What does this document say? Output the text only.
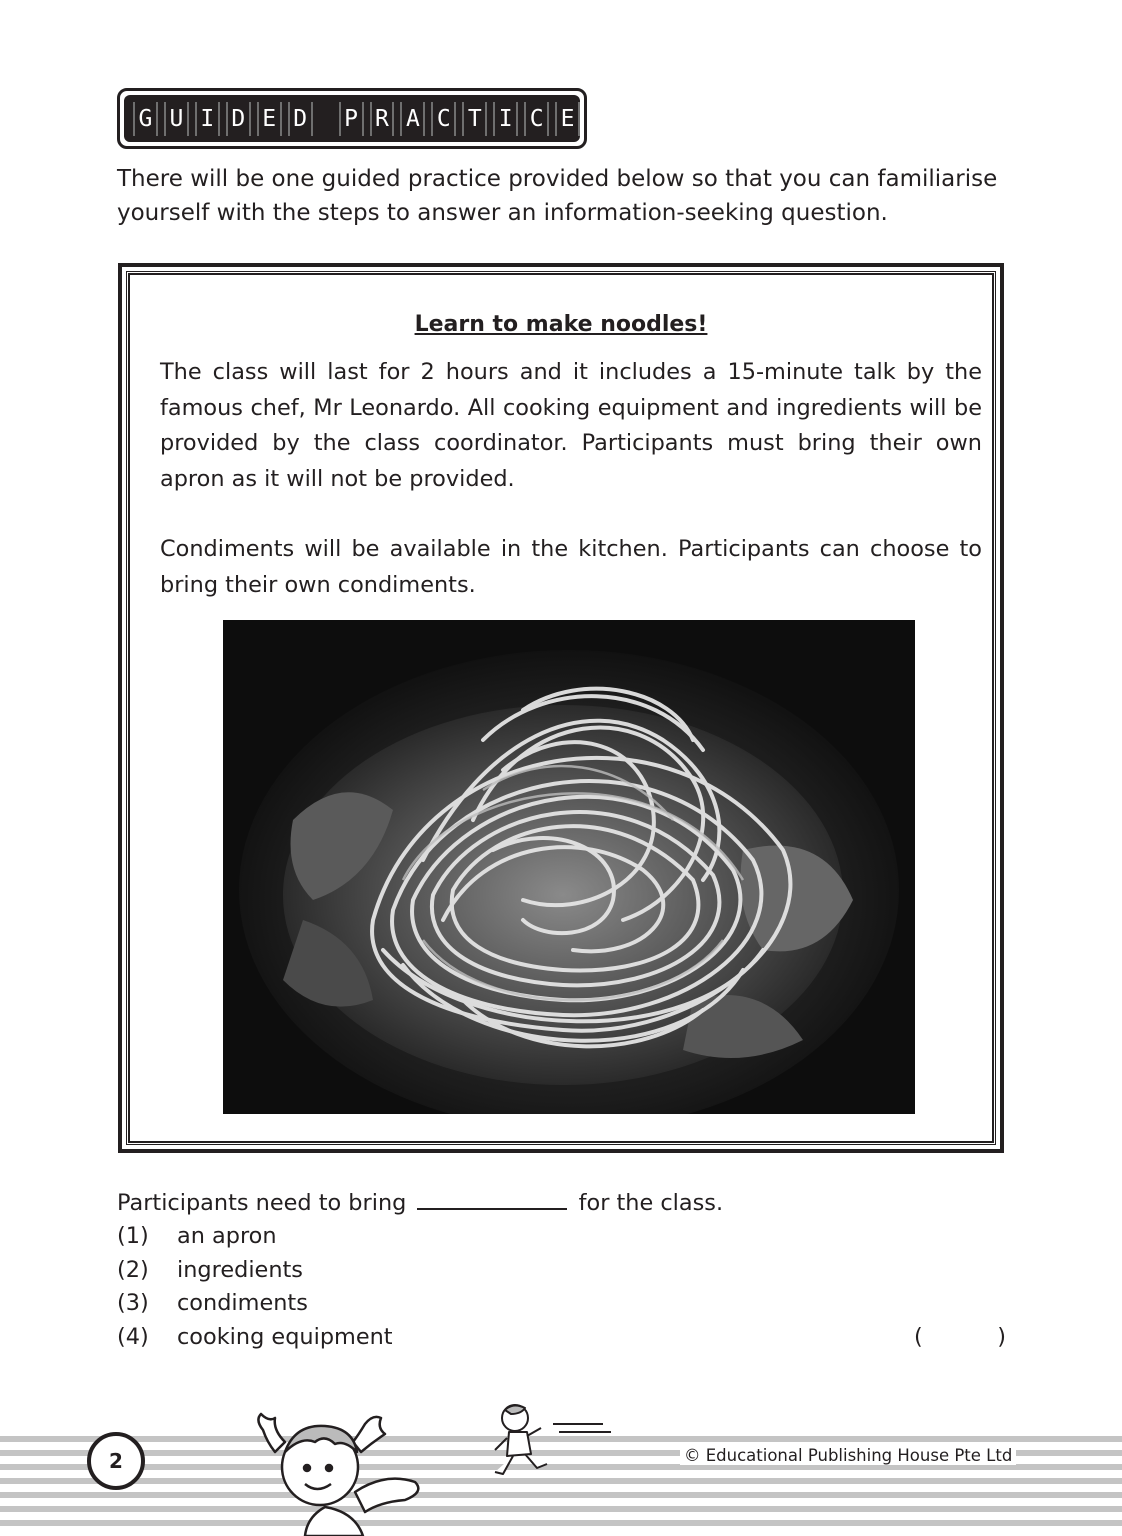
G U I D E D P R A C T I C E

There will be one guided practice provided below so that you can familiarise yourself with the steps to answer an information-seeking question.

Learn to make noodles!

The class will last for 2 hours and it includes a 15-minute talk by the famous chef, Mr Leonardo. All cooking equipment and ingredients will be provided by the class coordinator. Participants must bring their own apron as it will not be provided.

Condiments will be available in the kitchen. Participants can choose to bring their own condiments.

Participants need to bring	for the class.

(1)	an apron
(2)	ingredients
(3)	condiments
(4)	cooking equipment	(	)
2	© Educational Publishing House Pte Ltd
